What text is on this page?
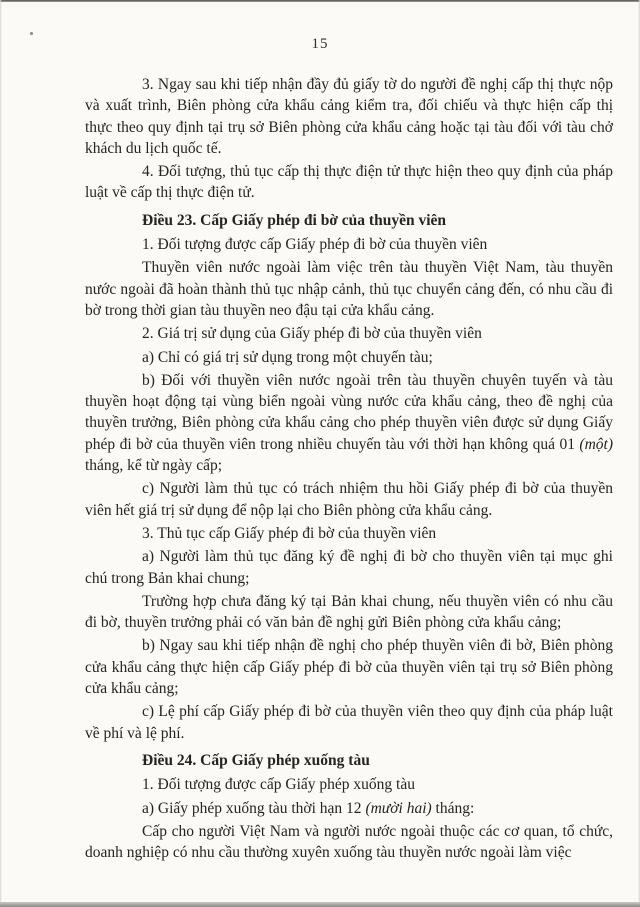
15

3. Ngay sau khi tiếp nhận đầy đủ giấy tờ do người đề nghị cấp thị thực nộp và xuất trình, Biên phòng cửa khẩu cảng kiểm tra, đối chiếu và thực hiện cấp thị thực theo quy định tại trụ sở Biên phòng cửa khẩu cảng hoặc tại tàu đối với tàu chở khách du lịch quốc tế.

4. Đối tượng, thủ tục cấp thị thực điện tử thực hiện theo quy định của pháp luật về cấp thị thực điện tử.

Điều 23. Cấp Giấy phép đi bờ của thuyền viên

1. Đối tượng được cấp Giấy phép đi bờ của thuyền viên

Thuyền viên nước ngoài làm việc trên tàu thuyền Việt Nam, tàu thuyền nước ngoài đã hoàn thành thủ tục nhập cảnh, thủ tục chuyển cảng đến, có nhu cầu đi bờ trong thời gian tàu thuyền neo đậu tại cửa khẩu cảng.

2. Giá trị sử dụng của Giấy phép đi bờ của thuyền viên

a) Chỉ có giá trị sử dụng trong một chuyến tàu;

b) Đối với thuyền viên nước ngoài trên tàu thuyền chuyên tuyến và tàu thuyền hoạt động tại vùng biển ngoài vùng nước cửa khẩu cảng, theo đề nghị của thuyền trưởng, Biên phòng cửa khẩu cảng cho phép thuyền viên được sử dụng Giấy phép đi bờ của thuyền viên trong nhiều chuyến tàu với thời hạn không quá 01 (một) tháng, kể từ ngày cấp;

c) Người làm thủ tục có trách nhiệm thu hồi Giấy phép đi bờ của thuyền viên hết giá trị sử dụng để nộp lại cho Biên phòng cửa khẩu cảng.

3. Thủ tục cấp Giấy phép đi bờ của thuyền viên

a) Người làm thủ tục đăng ký đề nghị đi bờ cho thuyền viên tại mục ghi chú trong Bản khai chung;

Trường hợp chưa đăng ký tại Bản khai chung, nếu thuyền viên có nhu cầu đi bờ, thuyền trưởng phải có văn bản đề nghị gửi Biên phòng cửa khẩu cảng;

b) Ngay sau khi tiếp nhận đề nghị cho phép thuyền viên đi bờ, Biên phòng cửa khẩu cảng thực hiện cấp Giấy phép đi bờ của thuyền viên tại trụ sở Biên phòng cửa khẩu cảng;

c) Lệ phí cấp Giấy phép đi bờ của thuyền viên theo quy định của pháp luật về phí và lệ phí.

Điều 24. Cấp Giấy phép xuống tàu

1. Đối tượng được cấp Giấy phép xuống tàu

a) Giấy phép xuống tàu thời hạn 12 (mười hai) tháng:

Cấp cho người Việt Nam và người nước ngoài thuộc các cơ quan, tổ chức, doanh nghiệp có nhu cầu thường xuyên xuống tàu thuyền nước ngoài làm việc
